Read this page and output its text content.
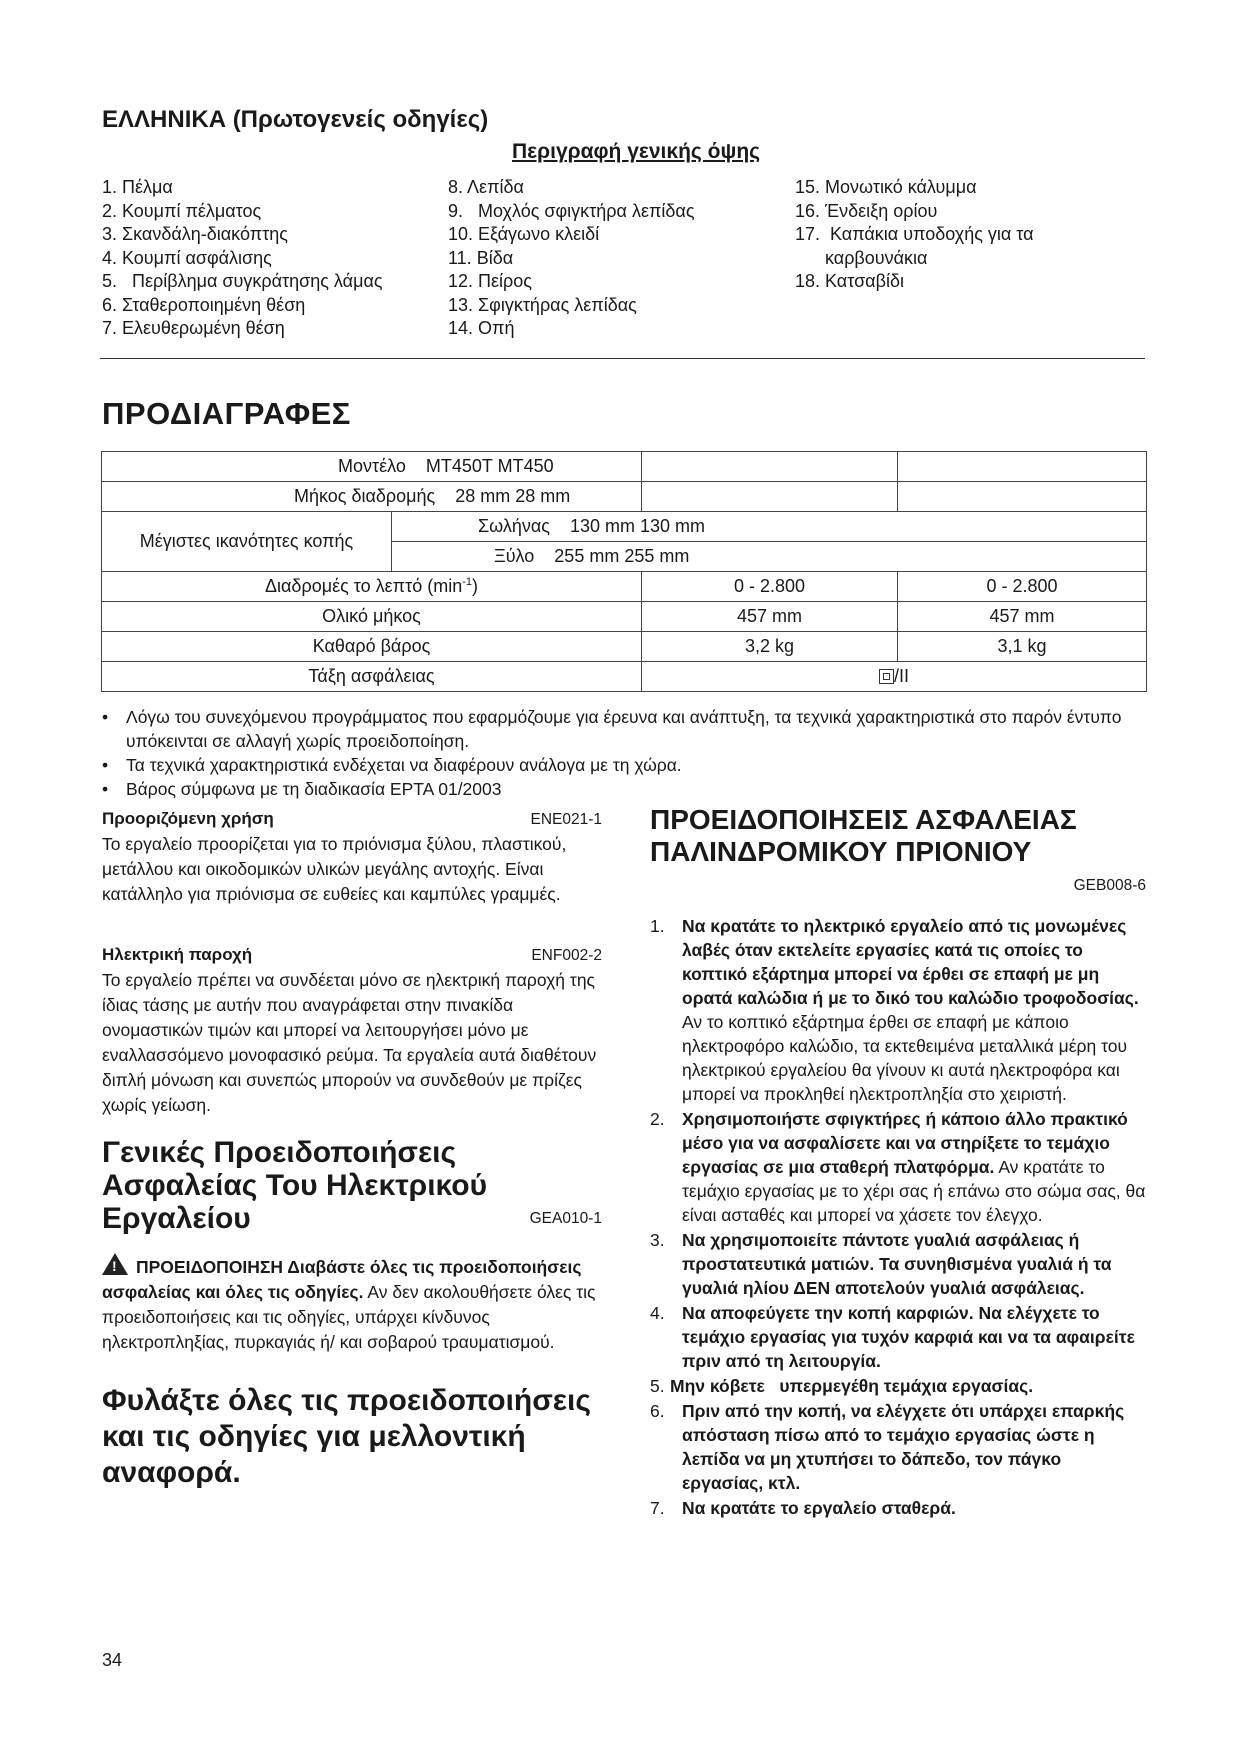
ΕΛΛΗΝΙΚΑ (Πρωτογενείς οδηγίες)
Περιγραφή γενικής όψης
1. Πέλμα
2. Κουμπί πέλματος
3. Σκανδάλη-διακόπτης
4. Κουμπί ασφάλισης
5.   Περίβλημα συγκράτησης λάμας
6. Σταθεροποιημένη θέση
7. Ελευθερωμένη θέση
8. Λεπίδα
9.   Μοχλός σφιγκτήρα λεπίδας
10. Εξάγωνο κλειδί
11. Βίδα
12. Πείρος
13. Σφιγκτήρας λεπίδας
14. Οπή
15. Μονωτικό κάλυμμα
16. Ένδειξη ορίου
17.  Καπάκια υποδοχής για τα
καρβουνάκια
18. Κατσαβίδι
ΠΡΟΔΙΑΓΡΑΦΕΣ
Μοντέλο MT450T MT450			
Μήκος διαδρομής 28 mm 28 mm			
Μέγιστες ικανότητες κοπής	Σωλήνας 130 mm 130 mm		
	Ξύλο 255 mm 255 mm		
Διαδρομές το λεπτό $(\min^{-1})$		0 - 2.800	0 - 2.800
Ολικό μήκος		457 mm	457 mm
Καθαρό βάρος		3,2 kg	3,1 kg
Τάξη ασφάλειας		/II	
• Λόγω του συνεχόμενου προγράμματος που εφαρμόζουμε για έρευνα και ανάπτυξη, τα τεχνικά χαρακτηριστικά στο παρόν έντυπο υπόκεινται σε αλλαγή χωρίς προειδοποίηση.
• Τα τεχνικά χαρακτηριστικά ενδέχεται να διαφέρουν ανάλογα με τη χώρα.
• Βάρος σύμφωνα με τη διαδικασία EPTA 01/2003
Προοριζόμενη χρήση	ENE021-1
Το εργαλείο προορίζεται για το πριόνισμα ξύλου, πλαστικού, μετάλλου και οικοδομικών υλικών μεγάλης αντοχής. Είναι κατάλληλο για πριόνισμα σε ευθείες και καμπύλες γραμμές.
Ηλεκτρική παροχή	ENF002-2
Το εργαλείο πρέπει να συνδέεται μόνο σε ηλεκτρική παροχή της ίδιας τάσης με αυτήν που αναγράφεται στην πινακίδα ονομαστικών τιμών και μπορεί να λειτουργήσει μόνο με εναλλασσόμενο μονοφασικό ρεύμα. Τα εργαλεία αυτά διαθέτουν διπλή μόνωση και συνεπώς μπορούν να συνδεθούν με πρίζες χωρίς γείωση.
Γενικές Προειδοποιήσεις
Ασφαλείας Του Ηλεκτρικού
Εργαλείου	GEA010-1
!ΠΡΟΕΙΔΟΠΟΙΗΣΗ Διαβάστε όλες τις προειδοποιήσεις ασφαλείας και όλες τις οδηγίες. Αν δεν ακολουθήσετε όλες τις προειδοποιήσεις και τις οδηγίες, υπάρχει κίνδυνος ηλεκτροπληξίας, πυρκαγιάς ή/ και σοβαρού τραυματισμού.
Φυλάξτε όλες τις προειδοποιήσεις και τις οδηγίες για μελλοντική αναφορά.
ΠΡΟΕΙΔΟΠΟΙΗΣΕΙΣ ΑΣΦΑΛΕΙΑΣ
ΠΑΛΙΝΔΡΟΜΙΚΟΥ ΠΡΙΟΝΙΟΥ
GEB008-6
1. Να κρατάτε το ηλεκτρικό εργαλείο από τις μονωμένες λαβές όταν εκτελείτε εργασίες κατά τις οποίες το κοπτικό εξάρτημα μπορεί να έρθει σε επαφή με μη ορατά καλώδια ή με το δικό του καλώδιο τροφοδοσίας. Αν το κοπτικό εξάρτημα έρθει σε επαφή με κάποιο ηλεκτροφόρο καλώδιο, τα εκτεθειμένα μεταλλικά μέρη του ηλεκτρικού εργαλείου θα γίνουν κι αυτά ηλεκτροφόρα και μπορεί να προκληθεί ηλεκτροπληξία στο χειριστή.
2. Χρησιμοποιήστε σφιγκτήρες ή κάποιο άλλο πρακτικό μέσο για να ασφαλίσετε και να στηρίξετε το τεμάχιο εργασίας σε μια σταθερή πλατφόρμα. Αν κρατάτε το τεμάχιο εργασίας με το χέρι σας ή επάνω στο σώμα σας, θα είναι ασταθές και μπορεί να χάσετε τον έλεγχο.
3. Να χρησιμοποιείτε πάντοτε γυαλιά ασφάλειας ή προστατευτικά ματιών. Τα συνηθισμένα γυαλιά ή τα γυαλιά ηλίου ΔΕΝ αποτελούν γυαλιά ασφάλειας.
4. Να αποφεύγετε την κοπή καρφιών. Να ελέγχετε το τεμάχιο εργασίας για τυχόν καρφιά και να τα αφαιρείτε πριν από τη λειτουργία.
5. Μην κόβετε   υπερμεγέθη τεμάχια εργασίας.
6. Πριν από την κοπή, να ελέγχετε ότι υπάρχει επαρκής απόσταση πίσω από το τεμάχιο εργασίας ώστε η λεπίδα να μη χτυπήσει το δάπεδο, τον πάγκο εργασίας, κτλ.
7. Να κρατάτε το εργαλείο σταθερά.
34
